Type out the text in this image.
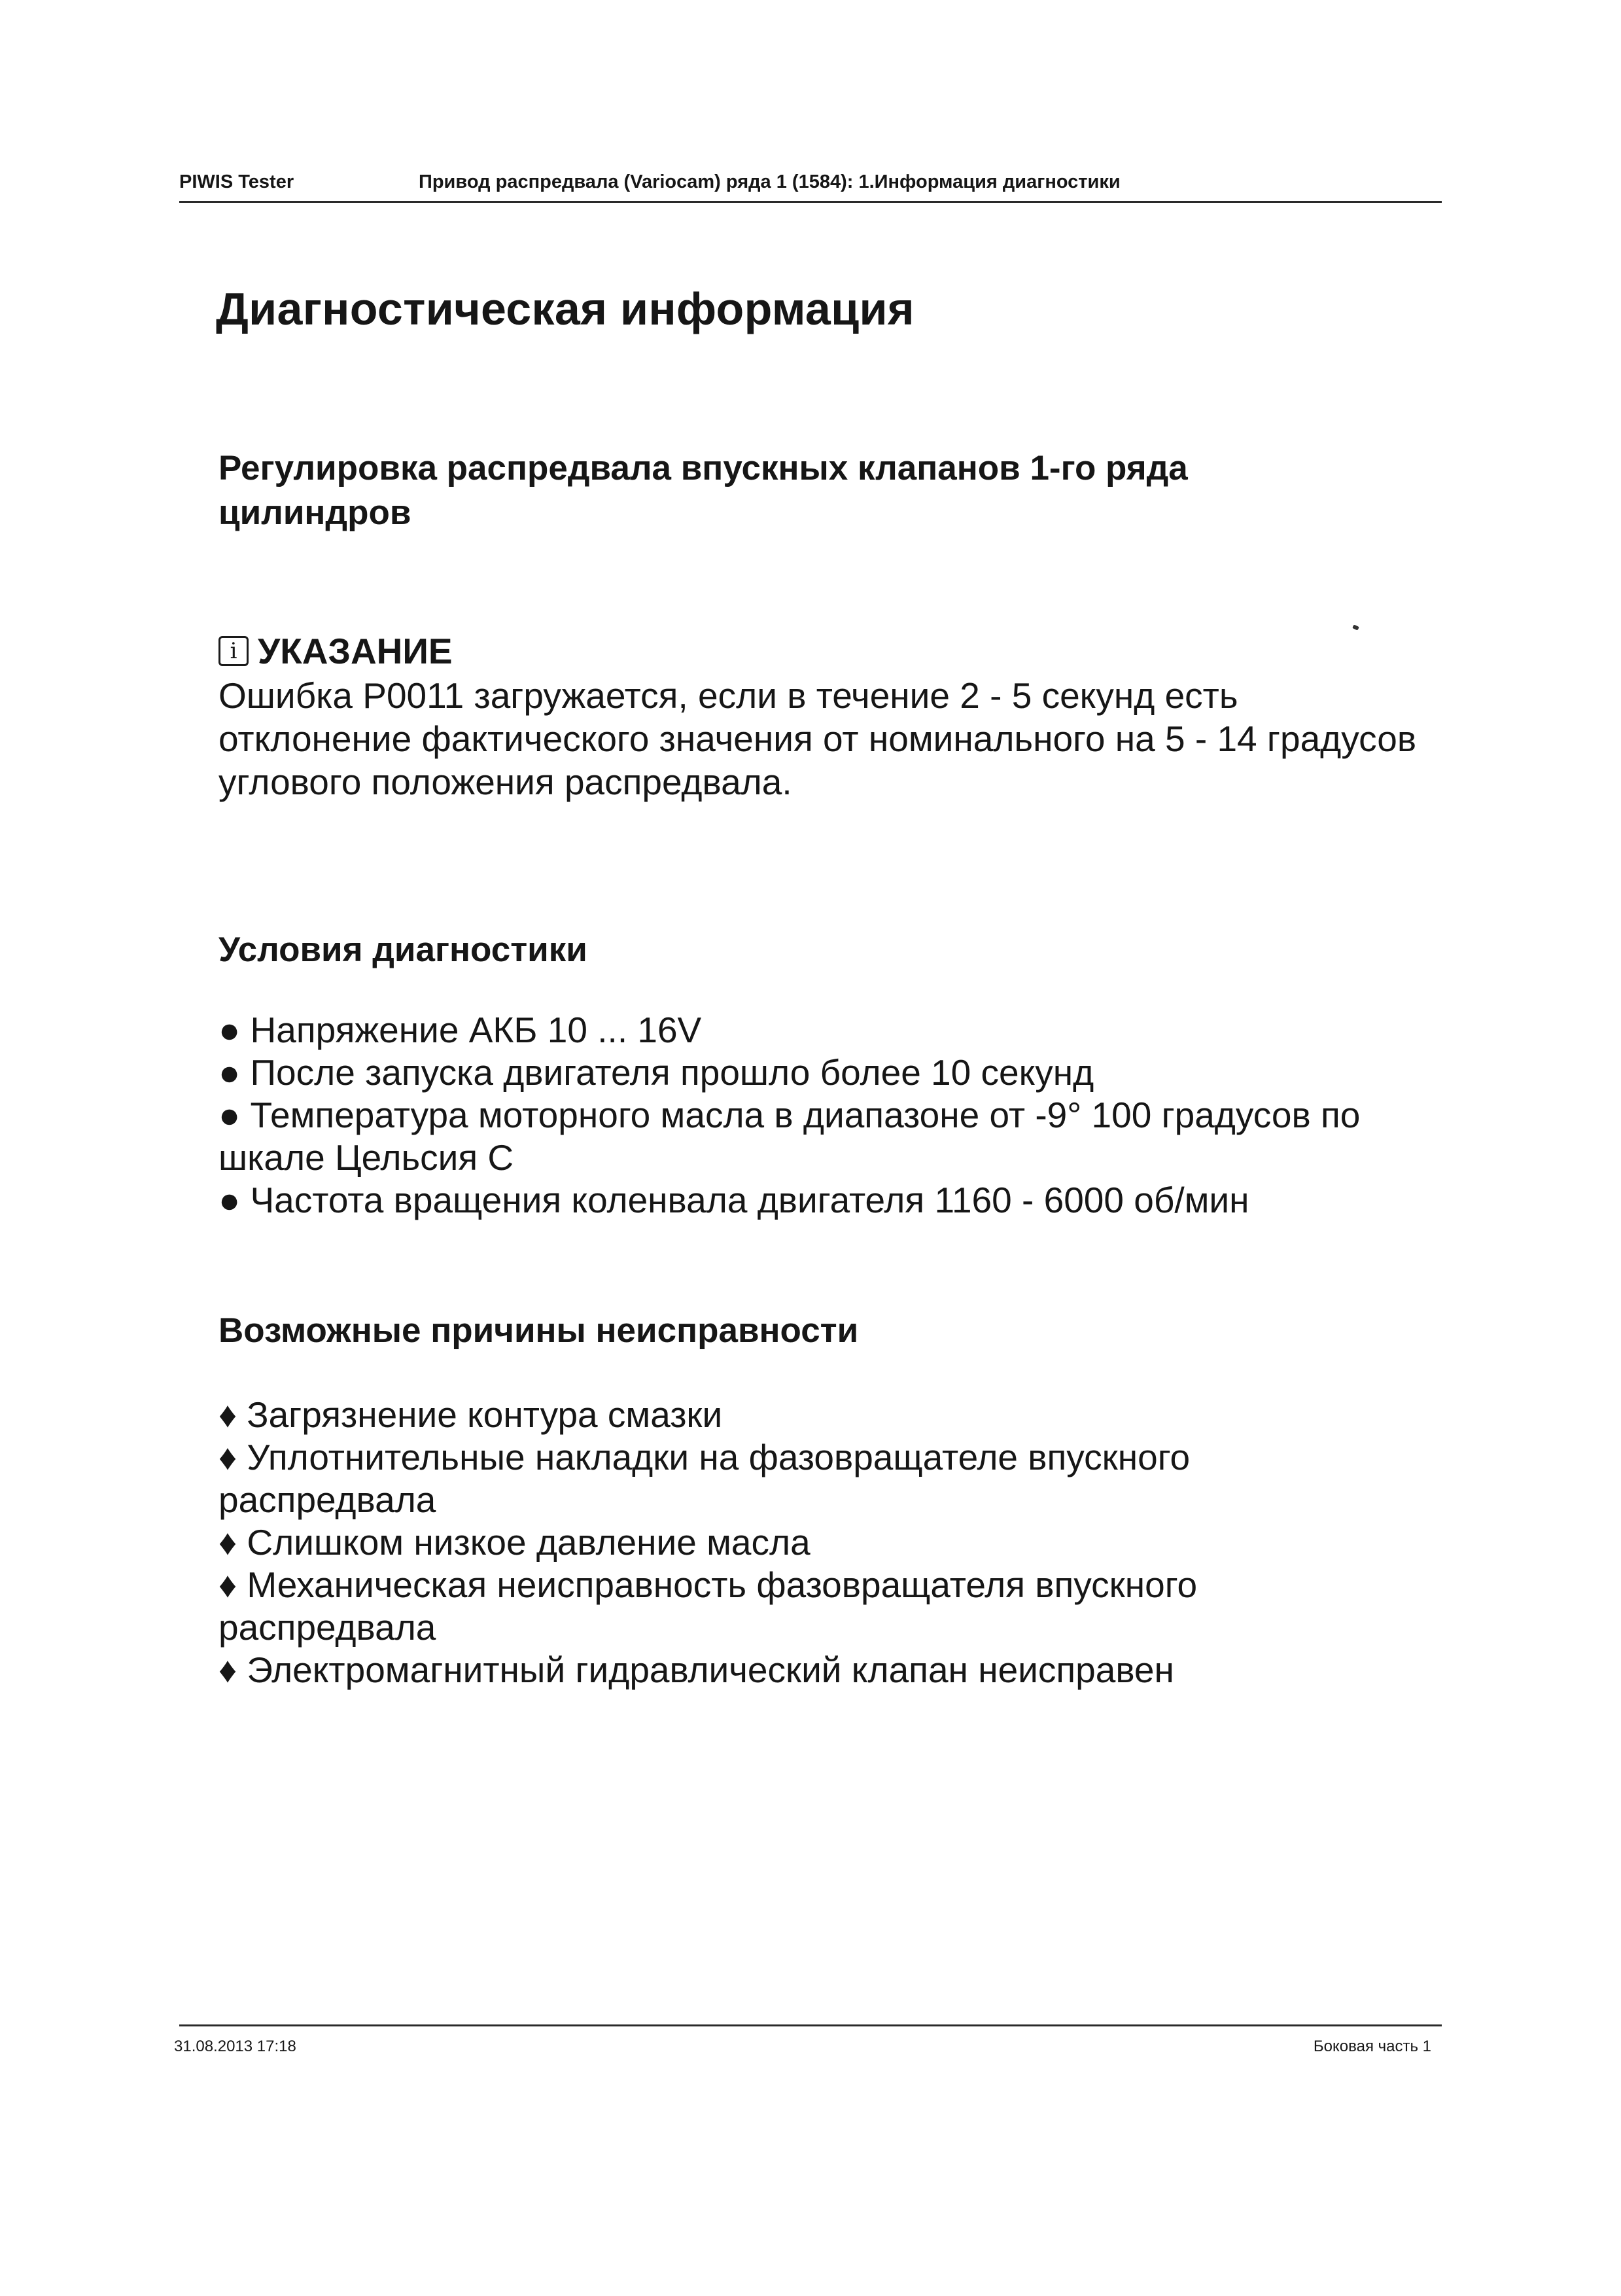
PIWIS Tester	Привод распредвала (Variocam) ряда 1 (1584): 1.Информация диагностики
Диагностическая информация
Регулировка распредвала впускных клапанов 1-го ряда
цилиндров
i УКАЗАНИЕ
Ошибка P0011 загружается, если в течение 2 - 5 секунд есть
отклонение фактического значения от номинального на 5 - 14 градусов
углового положения распредвала.
Условия диагностики
● Напряжение АКБ 10 ... 16V
● После запуска двигателя прошло более 10 секунд
● Температура моторного масла в диапазоне от -9° 100 градусов по
шкале Цельсия C
● Частота вращения коленвала двигателя 1160 - 6000 об/мин
Возможные причины неисправности
♦ Загрязнение контура смазки
♦ Уплотнительные накладки на фазовращателе впускного
распредвала
♦ Слишком низкое давление масла
♦ Механическая неисправность фазовращателя впускного
распредвала
♦ Электромагнитный гидравлический клапан неисправен
31.08.2013 17:18	Боковая часть 1
